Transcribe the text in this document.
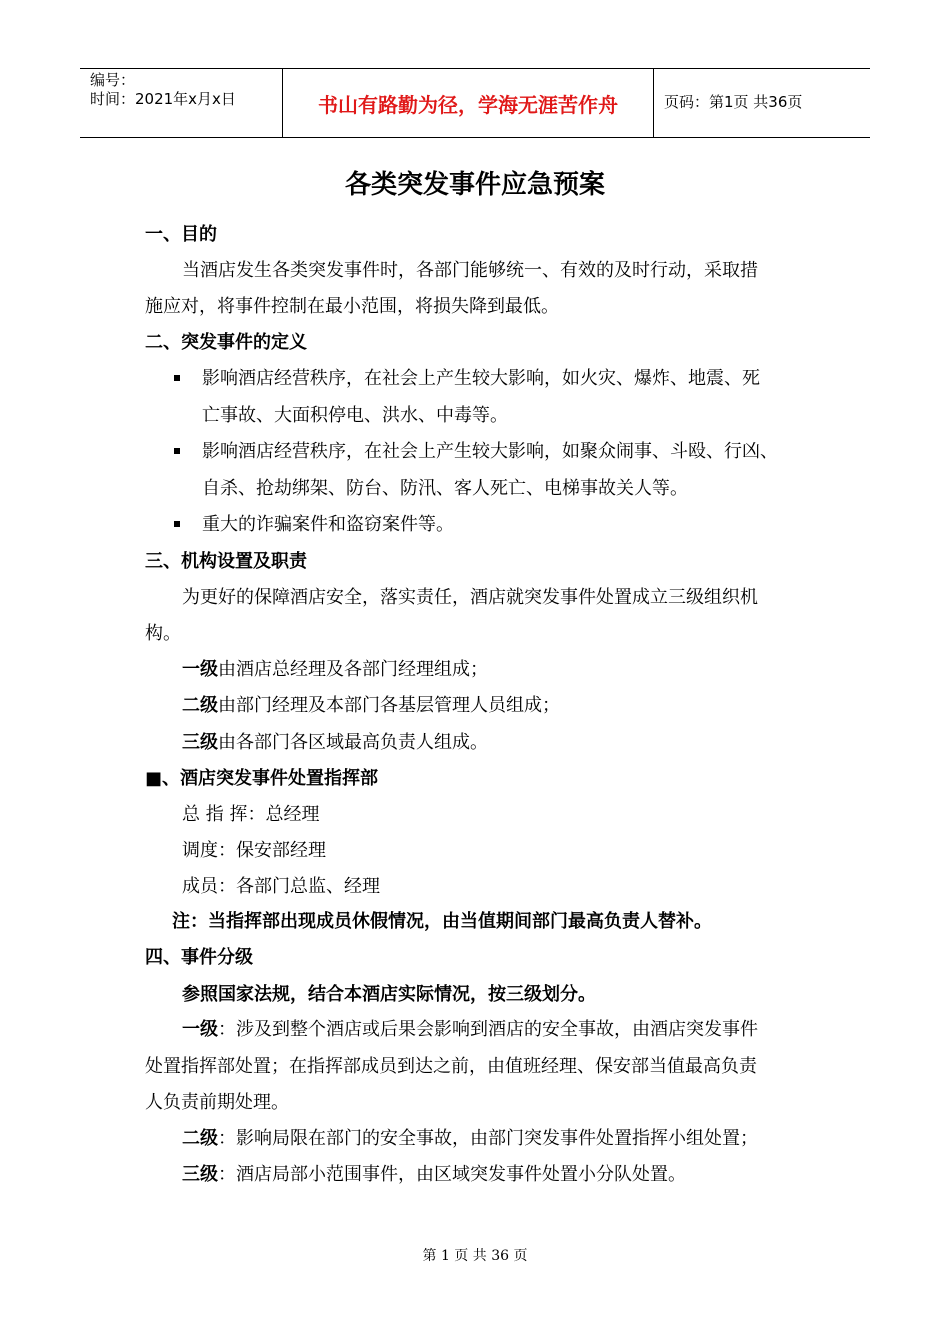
编号：
时间：2021年x月x日	书山有路勤为径，学海无涯苦作舟	页码：第1页 共36页
各类突发事件应急预案
一、目的
当酒店发生各类突发事件时，各部门能够统一、有效的及时行动，采取措
施应对，将事件控制在最小范围，将损失降到最低。
二、突发事件的定义
影响酒店经营秩序，在社会上产生较大影响，如火灾、爆炸、地震、死
亡事故、大面积停电、洪水、中毒等。
影响酒店经营秩序，在社会上产生较大影响，如聚众闹事、斗殴、行凶、
自杀、抢劫绑架、防台、防汛、客人死亡、电梯事故关人等。
重大的诈骗案件和盗窃案件等。
三、机构设置及职责
为更好的保障酒店安全，落实责任，酒店就突发事件处置成立三级组织机
构。
一级由酒店总经理及各部门经理组成；
二级由部门经理及本部门各基层管理人员组成；
三级由各部门各区域最高负责人组成。
■、酒店突发事件处置指挥部
总 指 挥：总经理
调度：保安部经理
成员：各部门总监、经理
注：当指挥部出现成员休假情况，由当值期间部门最高负责人替补。
四、事件分级
参照国家法规，结合本酒店实际情况，按三级划分。
一级：涉及到整个酒店或后果会影响到酒店的安全事故，由酒店突发事件
处置指挥部处置；在指挥部成员到达之前，由值班经理、保安部当值最高负责
人负责前期处理。
二级：影响局限在部门的安全事故，由部门突发事件处置指挥小组处置；
三级：酒店局部小范围事件，由区域突发事件处置小分队处置。
第 1 页 共 36 页
